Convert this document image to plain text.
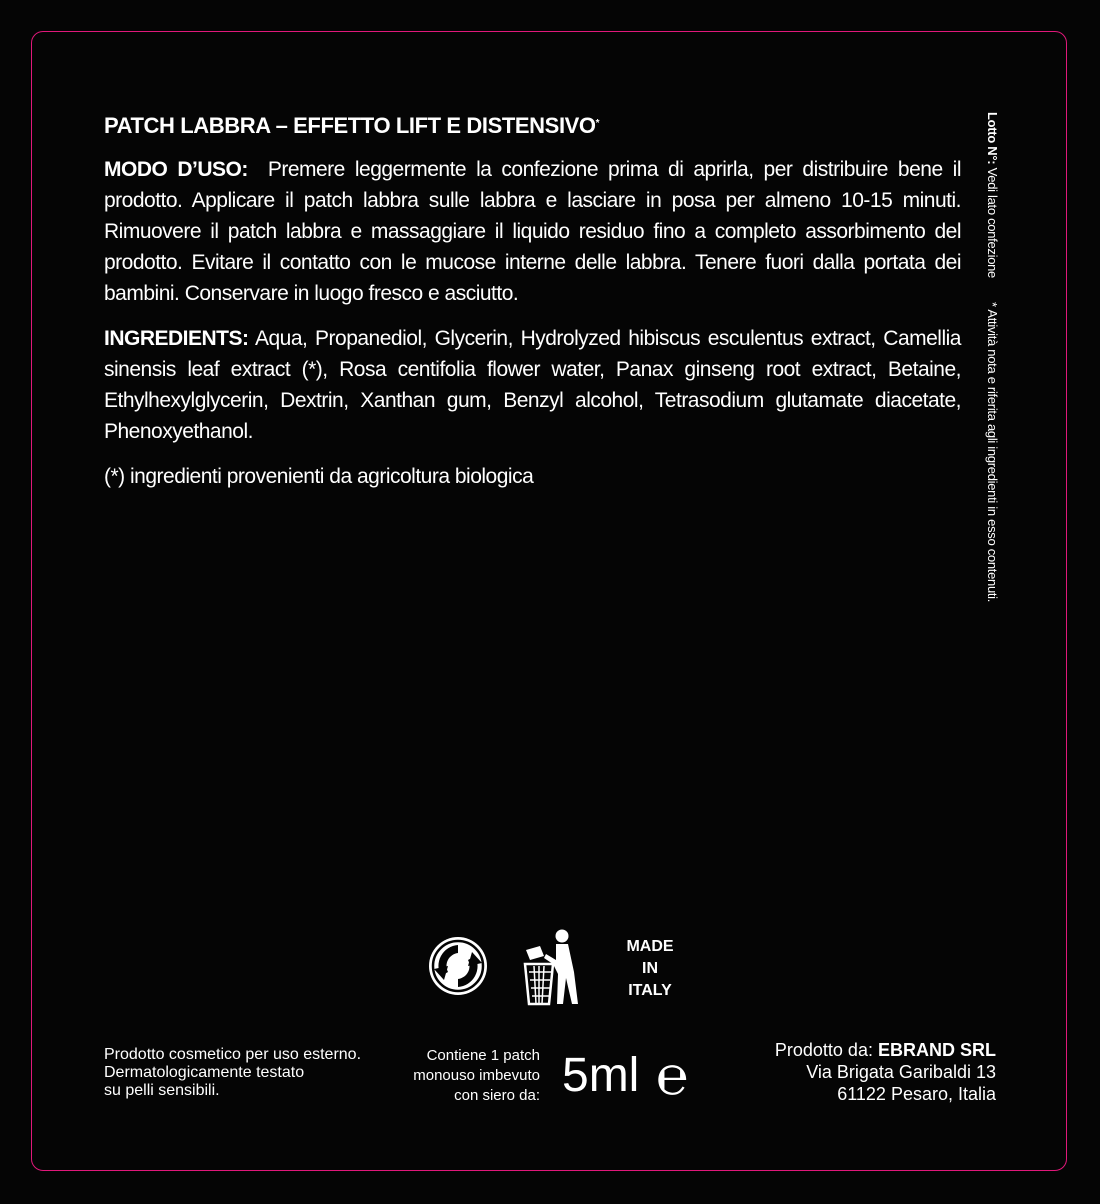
PATCH LABBRA – EFFETTO LIFT E DISTENSIVO*

MODO D’USO: Premere leggermente la confezione prima di aprirla, per distribuire bene il prodotto. Applicare il patch labbra sulle labbra e lasciare in posa per almeno 10-15 minuti. Rimuovere il patch labbra e massaggiare il liquido residuo fino a completo assorbimento del prodotto. Evitare il contatto con le mucose interne delle labbra. Tenere fuori dalla portata dei bambini. Conservare in luogo fresco e asciutto.

INGREDIENTS: Aqua, Propanediol, Glycerin, Hydrolyzed hibiscus esculentus extract, Camellia sinensis leaf extract (*), Rosa centifolia flower water, Panax ginseng root extract, Betaine, Ethylhexylglycerin, Dextrin, Xanthan gum, Benzyl alcohol, Tetrasodium glutamate diacetate, Phenoxyethanol.

(*) ingredienti provenienti da agricoltura biologica
Lotto N°: Vedi lato confezione* Attività nota e riferita agli ingredienti in esso contenuti.
MADE
IN
ITALY
Prodotto cosmetico per uso esterno.
Dermatologicamente testato
su pelli sensibili.
Contiene 1 patch
monouso imbevuto
con siero da: 5ml ℮	Prodotto da: EBRAND SRL
Via Brigata Garibaldi 13
61122 Pesaro, Italia
